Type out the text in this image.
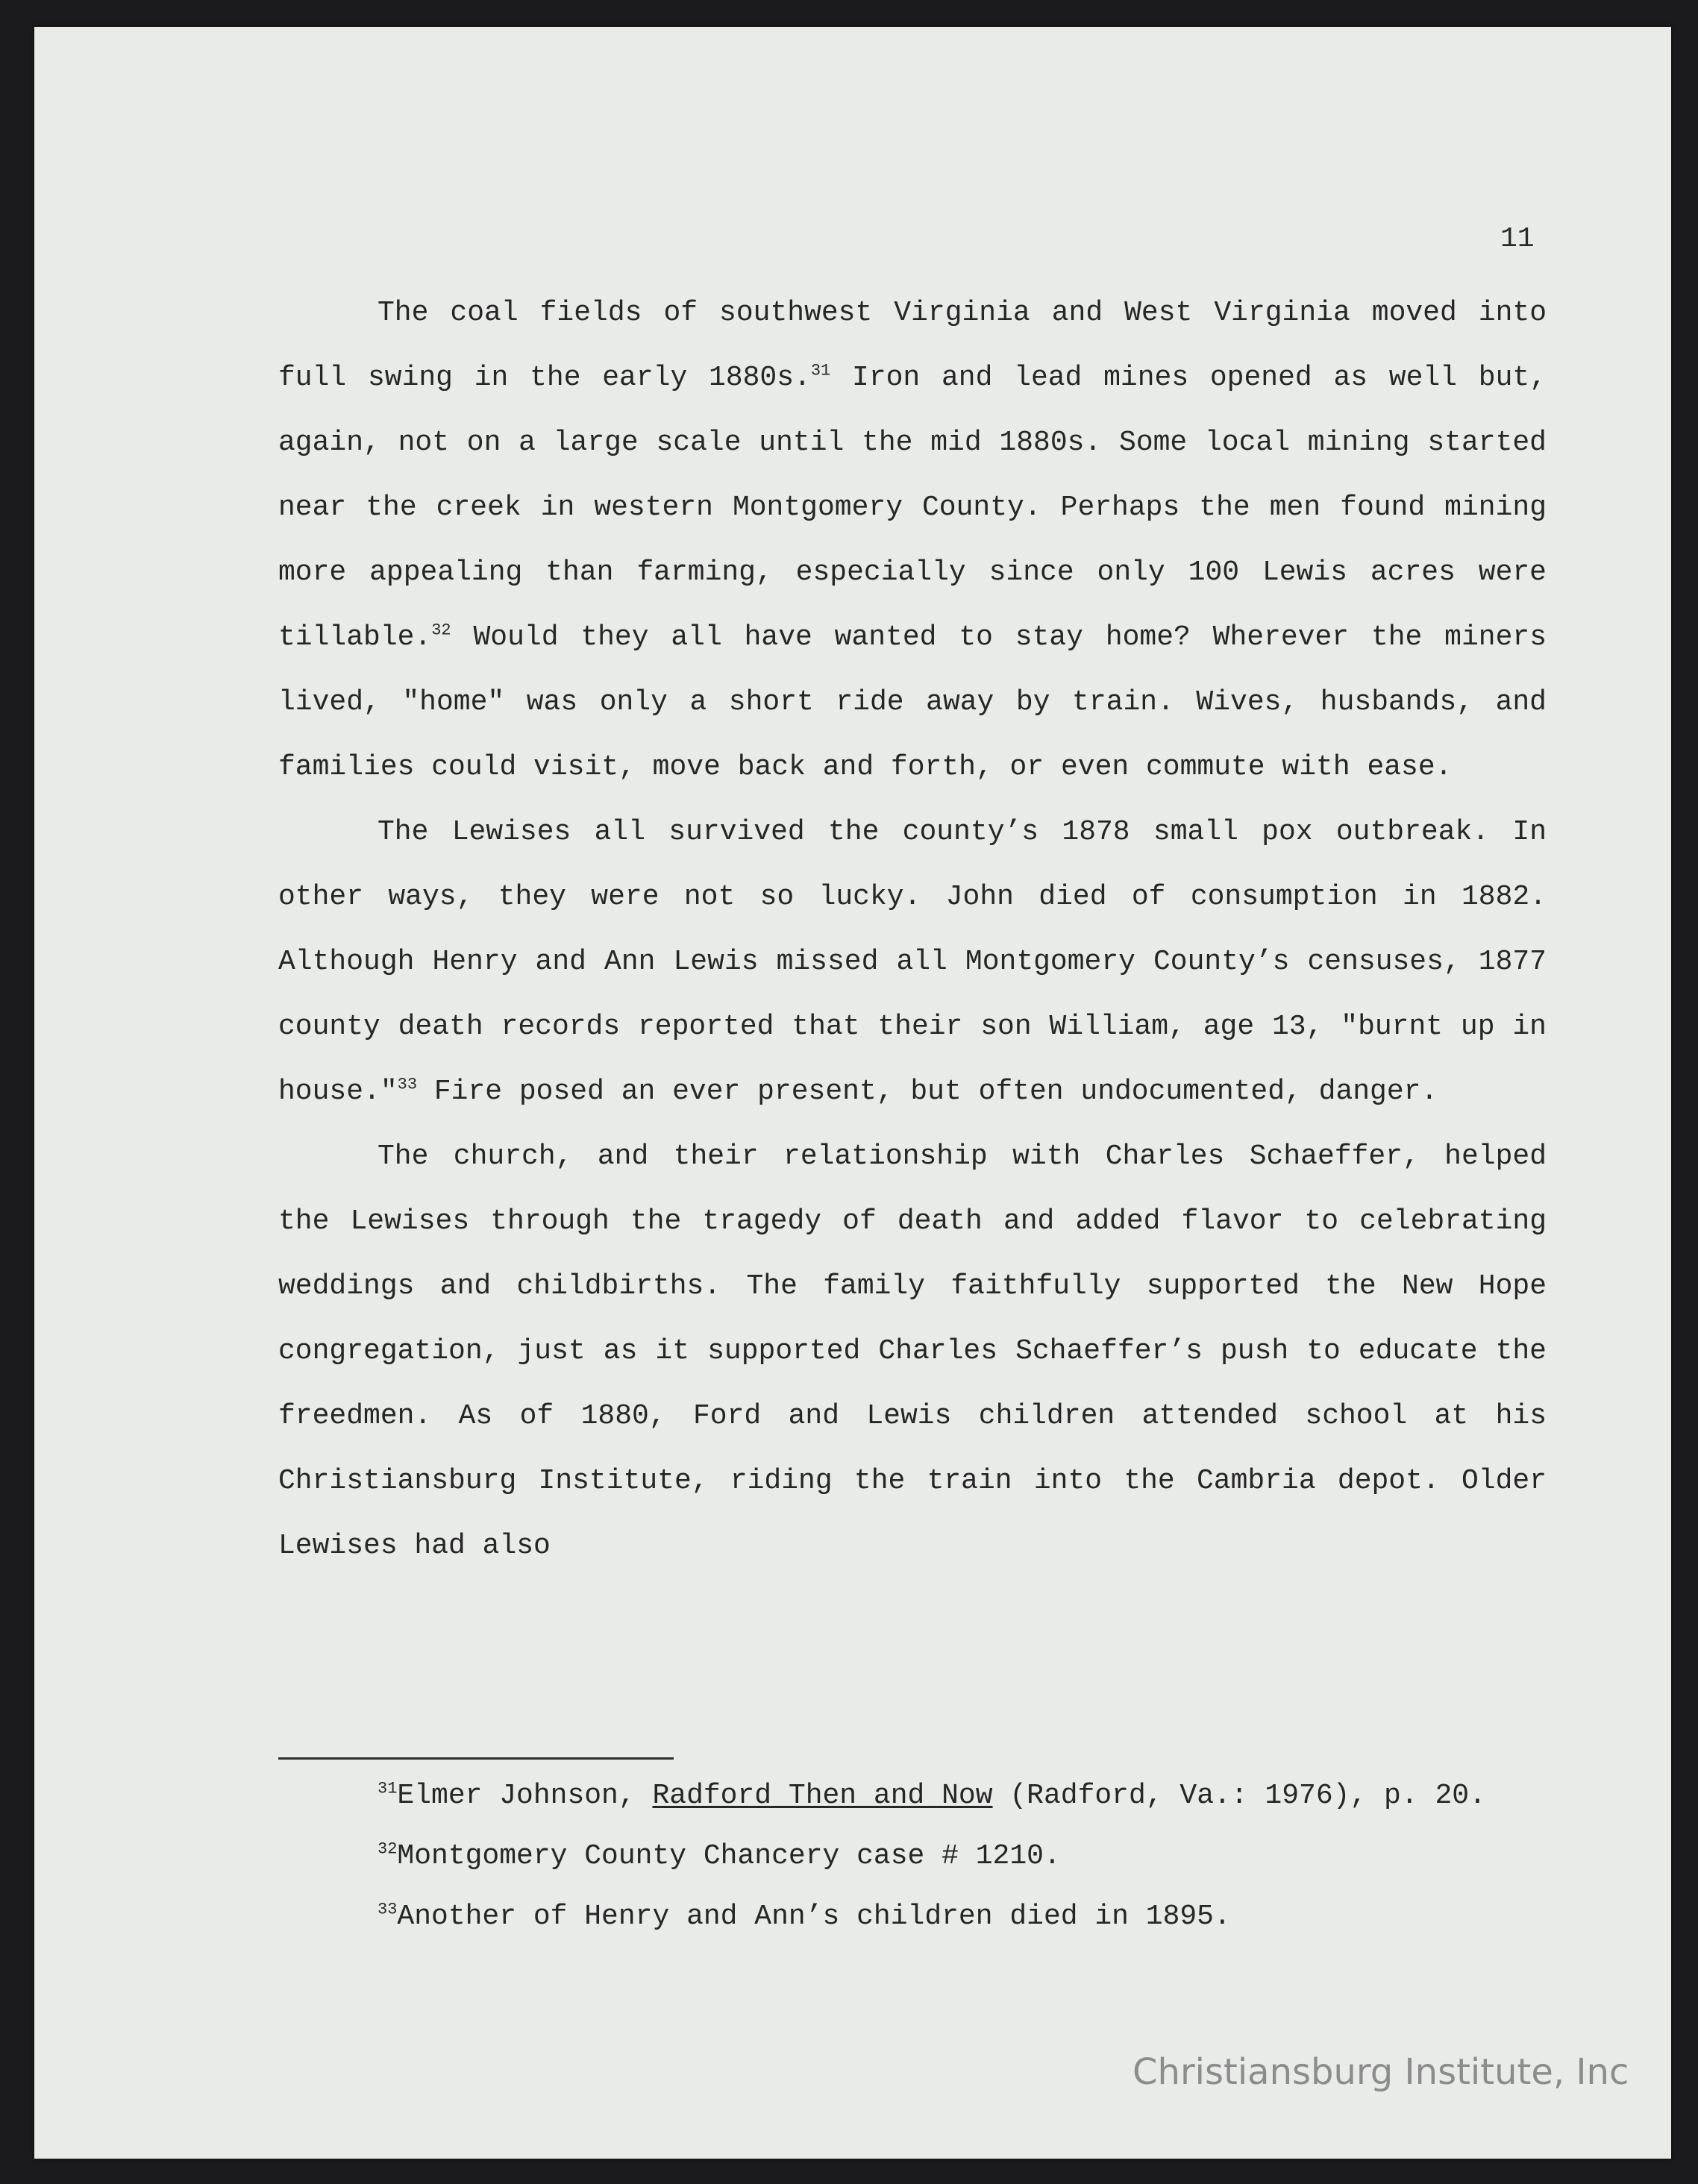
11

The coal fields of southwest Virginia and West Virginia moved into full swing in the early 1880s.$^{31}$ Iron and lead mines opened as well but, again, not on a large scale until the mid 1880s. Some local mining started near the creek in western Montgomery County. Perhaps the men found mining more appealing than farming, especially since only 100 Lewis acres were tillable.$^{32}$ Would they all have wanted to stay home? Wherever the miners lived, "home" was only a short ride away by train. Wives, husbands, and families could visit, move back and forth, or even commute with ease.

The Lewises all survived the county’s 1878 small pox outbreak. In other ways, they were not so lucky. John died of consumption in 1882. Although Henry and Ann Lewis missed all Montgomery County’s censuses, 1877 county death records reported that their son William, age 13, "burnt up in house."$^{33}$ Fire posed an ever present, but often undocumented, danger.

The church, and their relationship with Charles Schaeffer, helped the Lewises through the tragedy of death and added flavor to celebrating weddings and childbirths. The family faithfully supported the New Hope congregation, just as it supported Charles Schaeffer’s push to educate the freedmen. As of 1880, Ford and Lewis children attended school at his Christiansburg Institute, riding the train into the Cambria depot. Older Lewises had also

$^{31}$Elmer Johnson, Radford Then and Now (Radford, Va.: 1976), p. 20.

$^{32}$Montgomery County Chancery case # 1210.

$^{33}$Another of Henry and Ann’s children died in 1895.

Christiansburg Institute, Inc
